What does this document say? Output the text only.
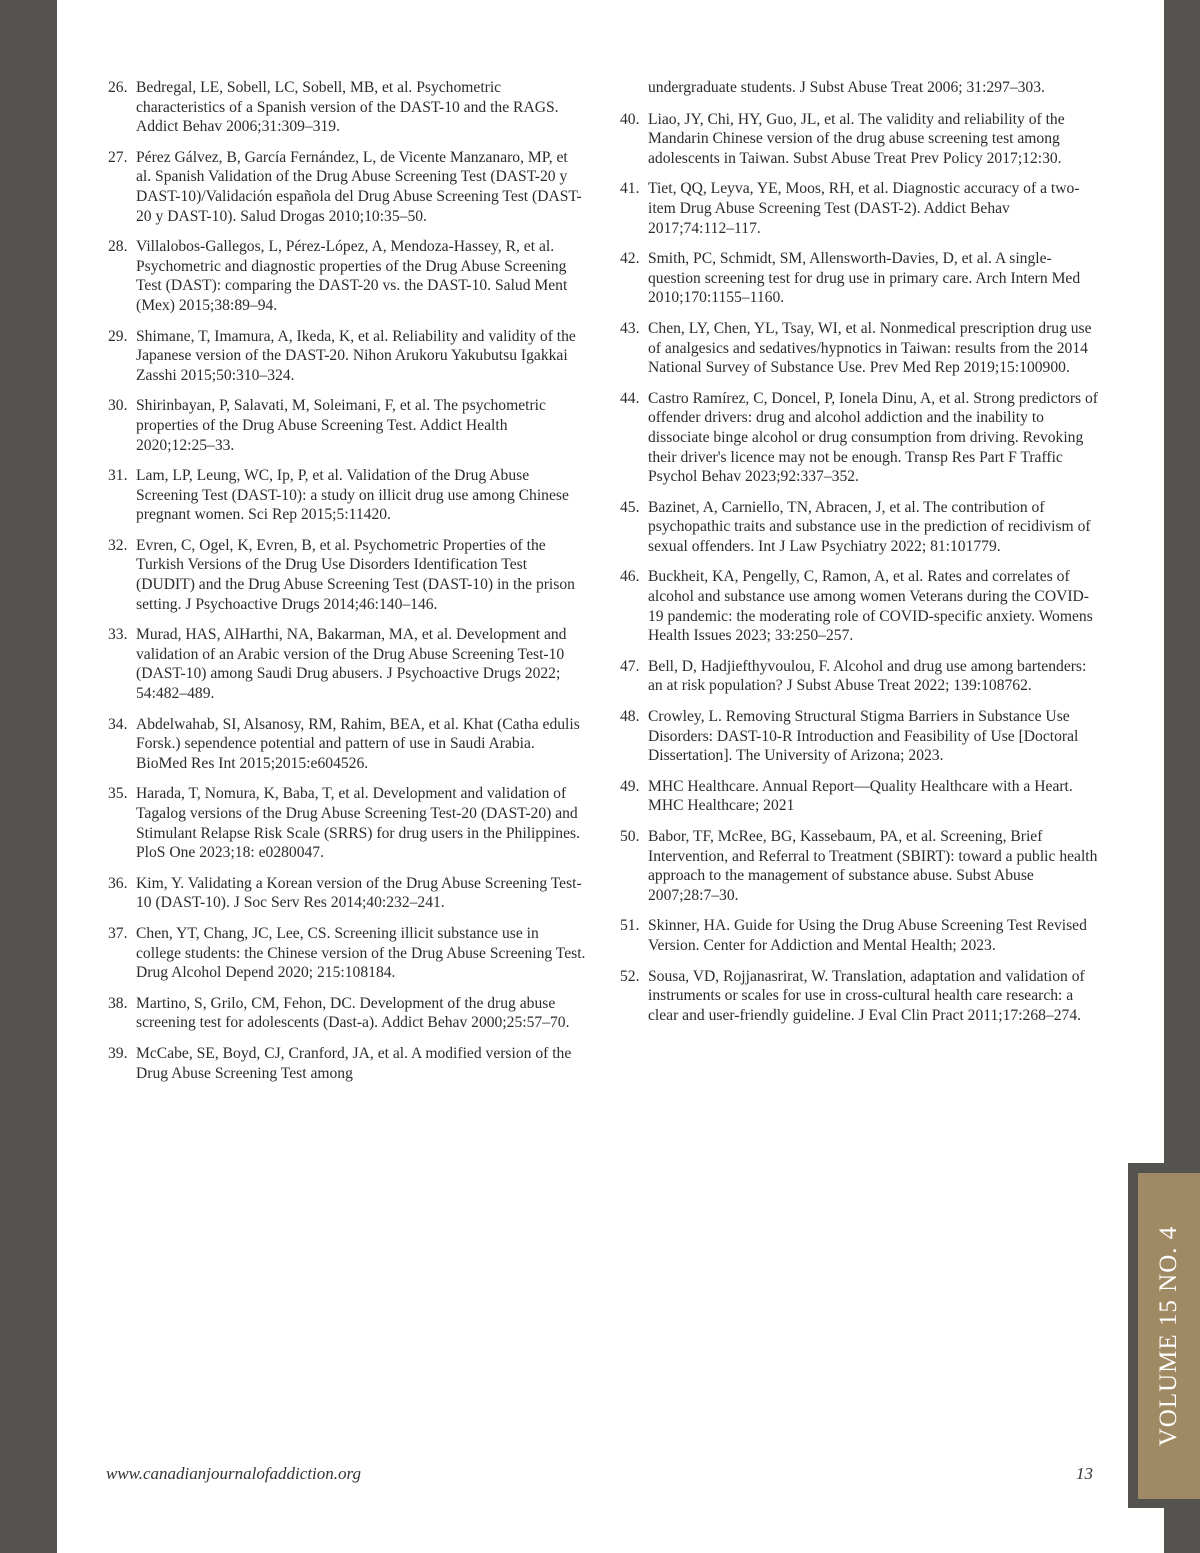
VOLUME 15 NO. 4
26. Bedregal, LE, Sobell, LC, Sobell, MB, et al. Psychometric characteristics of a Spanish version of the DAST-10 and the RAGS. Addict Behav 2006;31:309–319.
27. Pérez Gálvez, B, García Fernández, L, de Vicente Manzanaro, MP, et al. Spanish Validation of the Drug Abuse Screening Test (DAST-20 y DAST-10)/Validación española del Drug Abuse Screening Test (DAST-20 y DAST-10). Salud Drogas 2010;10:35–50.
28. Villalobos-Gallegos, L, Pérez-López, A, Mendoza-Hassey, R, et al. Psychometric and diagnostic properties of the Drug Abuse Screening Test (DAST): comparing the DAST-20 vs. the DAST-10. Salud Ment (Mex) 2015;38:89–94.
29. Shimane, T, Imamura, A, Ikeda, K, et al. Reliability and validity of the Japanese version of the DAST-20. Nihon Arukoru Yakubutsu Igakkai Zasshi 2015;50:310–324.
30. Shirinbayan, P, Salavati, M, Soleimani, F, et al. The psychometric properties of the Drug Abuse Screening Test. Addict Health 2020;12:25–33.
31. Lam, LP, Leung, WC, Ip, P, et al. Validation of the Drug Abuse Screening Test (DAST-10): a study on illicit drug use among Chinese pregnant women. Sci Rep 2015;5:11420.
32. Evren, C, Ogel, K, Evren, B, et al. Psychometric Properties of the Turkish Versions of the Drug Use Disorders Identification Test (DUDIT) and the Drug Abuse Screening Test (DAST-10) in the prison setting. J Psychoactive Drugs 2014;46:140–146.
33. Murad, HAS, AlHarthi, NA, Bakarman, MA, et al. Development and validation of an Arabic version of the Drug Abuse Screening Test-10 (DAST-10) among Saudi Drug abusers. J Psychoactive Drugs 2022; 54:482–489.
34. Abdelwahab, SI, Alsanosy, RM, Rahim, BEA, et al. Khat (Catha edulis Forsk.) sependence potential and pattern of use in Saudi Arabia. BioMed Res Int 2015;2015:e604526.
35. Harada, T, Nomura, K, Baba, T, et al. Development and validation of Tagalog versions of the Drug Abuse Screening Test-20 (DAST-20) and Stimulant Relapse Risk Scale (SRRS) for drug users in the Philippines. PloS One 2023;18: e0280047.
36. Kim, Y. Validating a Korean version of the Drug Abuse Screening Test-10 (DAST-10). J Soc Serv Res 2014;40:232–241.
37. Chen, YT, Chang, JC, Lee, CS. Screening illicit substance use in college students: the Chinese version of the Drug Abuse Screening Test. Drug Alcohol Depend 2020; 215:108184.
38. Martino, S, Grilo, CM, Fehon, DC. Development of the drug abuse screening test for adolescents (Dast-a). Addict Behav 2000;25:57–70.
39. McCabe, SE, Boyd, CJ, Cranford, JA, et al. A modified version of the Drug Abuse Screening Test among
undergraduate students. J Subst Abuse Treat 2006; 31:297–303.
40. Liao, JY, Chi, HY, Guo, JL, et al. The validity and reliability of the Mandarin Chinese version of the drug abuse screening test among adolescents in Taiwan. Subst Abuse Treat Prev Policy 2017;12:30.
41. Tiet, QQ, Leyva, YE, Moos, RH, et al. Diagnostic accuracy of a two-item Drug Abuse Screening Test (DAST-2). Addict Behav 2017;74:112–117.
42. Smith, PC, Schmidt, SM, Allensworth-Davies, D, et al. A single-question screening test for drug use in primary care. Arch Intern Med 2010;170:1155–1160.
43. Chen, LY, Chen, YL, Tsay, WI, et al. Nonmedical prescription drug use of analgesics and sedatives/hypnotics in Taiwan: results from the 2014 National Survey of Substance Use. Prev Med Rep 2019;15:100900.
44. Castro Ramírez, C, Doncel, P, Ionela Dinu, A, et al. Strong predictors of offender drivers: drug and alcohol addiction and the inability to dissociate binge alcohol or drug consumption from driving. Revoking their driver's licence may not be enough. Transp Res Part F Traffic Psychol Behav 2023;92:337–352.
45. Bazinet, A, Carniello, TN, Abracen, J, et al. The contribution of psychopathic traits and substance use in the prediction of recidivism of sexual offenders. Int J Law Psychiatry 2022; 81:101779.
46. Buckheit, KA, Pengelly, C, Ramon, A, et al. Rates and correlates of alcohol and substance use among women Veterans during the COVID-19 pandemic: the moderating role of COVID-specific anxiety. Womens Health Issues 2023; 33:250–257.
47. Bell, D, Hadjiefthyvoulou, F. Alcohol and drug use among bartenders: an at risk population? J Subst Abuse Treat 2022; 139:108762.
48. Crowley, L. Removing Structural Stigma Barriers in Substance Use Disorders: DAST-10-R Introduction and Feasibility of Use [Doctoral Dissertation]. The University of Arizona; 2023.
49. MHC Healthcare. Annual Report—Quality Healthcare with a Heart. MHC Healthcare; 2021
50. Babor, TF, McRee, BG, Kassebaum, PA, et al. Screening, Brief Intervention, and Referral to Treatment (SBIRT): toward a public health approach to the management of substance abuse. Subst Abuse 2007;28:7–30.
51. Skinner, HA. Guide for Using the Drug Abuse Screening Test Revised Version. Center for Addiction and Mental Health; 2023.
52. Sousa, VD, Rojjanasrirat, W. Translation, adaptation and validation of instruments or scales for use in cross-cultural health care research: a clear and user-friendly guideline. J Eval Clin Pract 2011;17:268–274.
www.canadianjournalofaddiction.org	13
